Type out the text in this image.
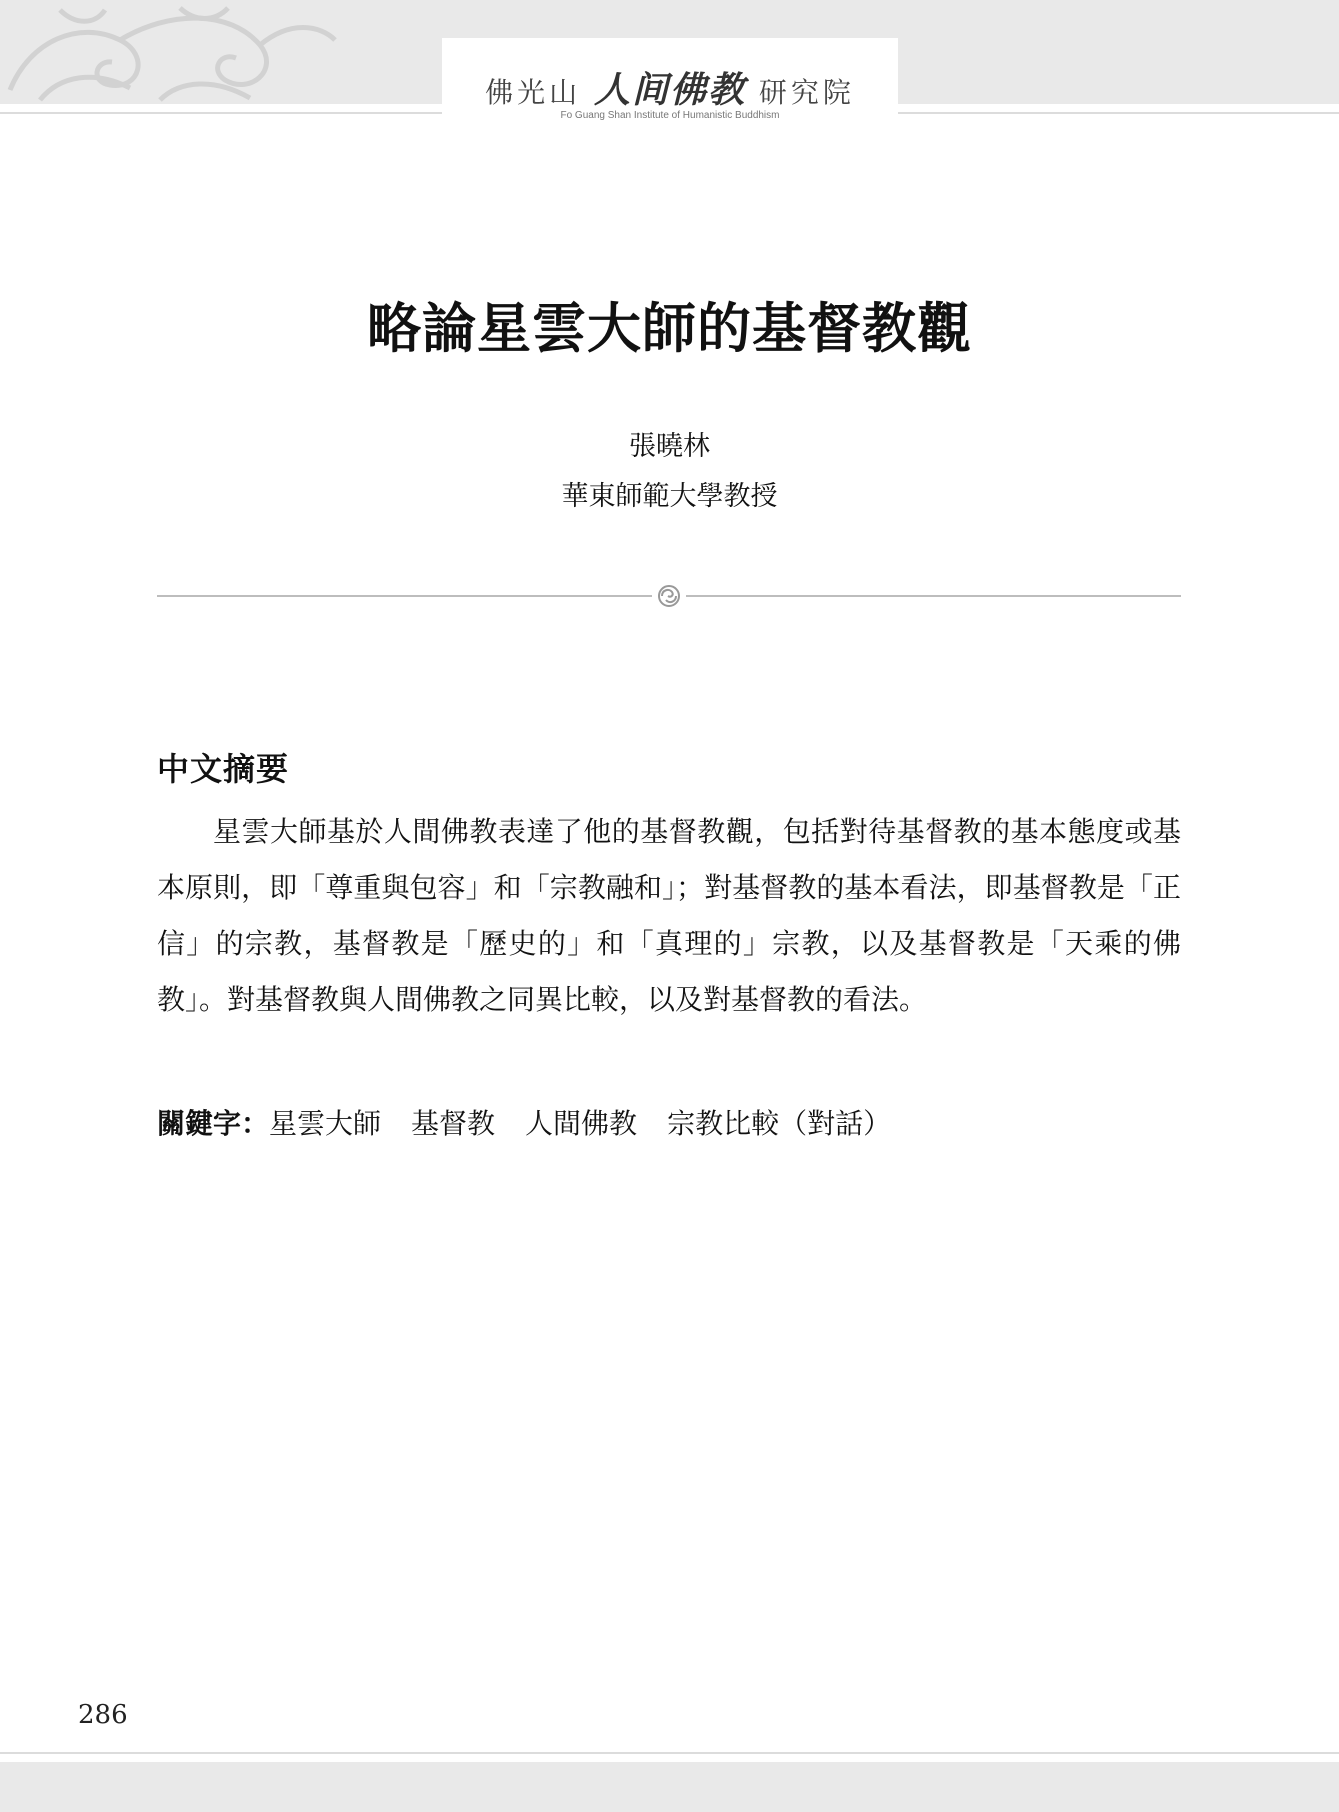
佛光山 人间佛教 研究院
Fo Guang Shan Institute of Humanistic Buddhism
略論星雲大師的基督教觀
張曉林
華東師範大學教授
中文摘要

星雲大師基於人間佛教表達了他的基督教觀，包括對待基督教的基本態度或基本原則，即「尊重與包容」和「宗教融和」；對基督教的基本看法，即基督教是「正信」的宗教，基督教是「歷史的」和「真理的」宗教，以及基督教是「天乘的佛教」。對基督教與人間佛教之同異比較，以及對基督教的看法。

關鍵字：星雲大師 基督教 人間佛教 宗教比較（對話）
286
